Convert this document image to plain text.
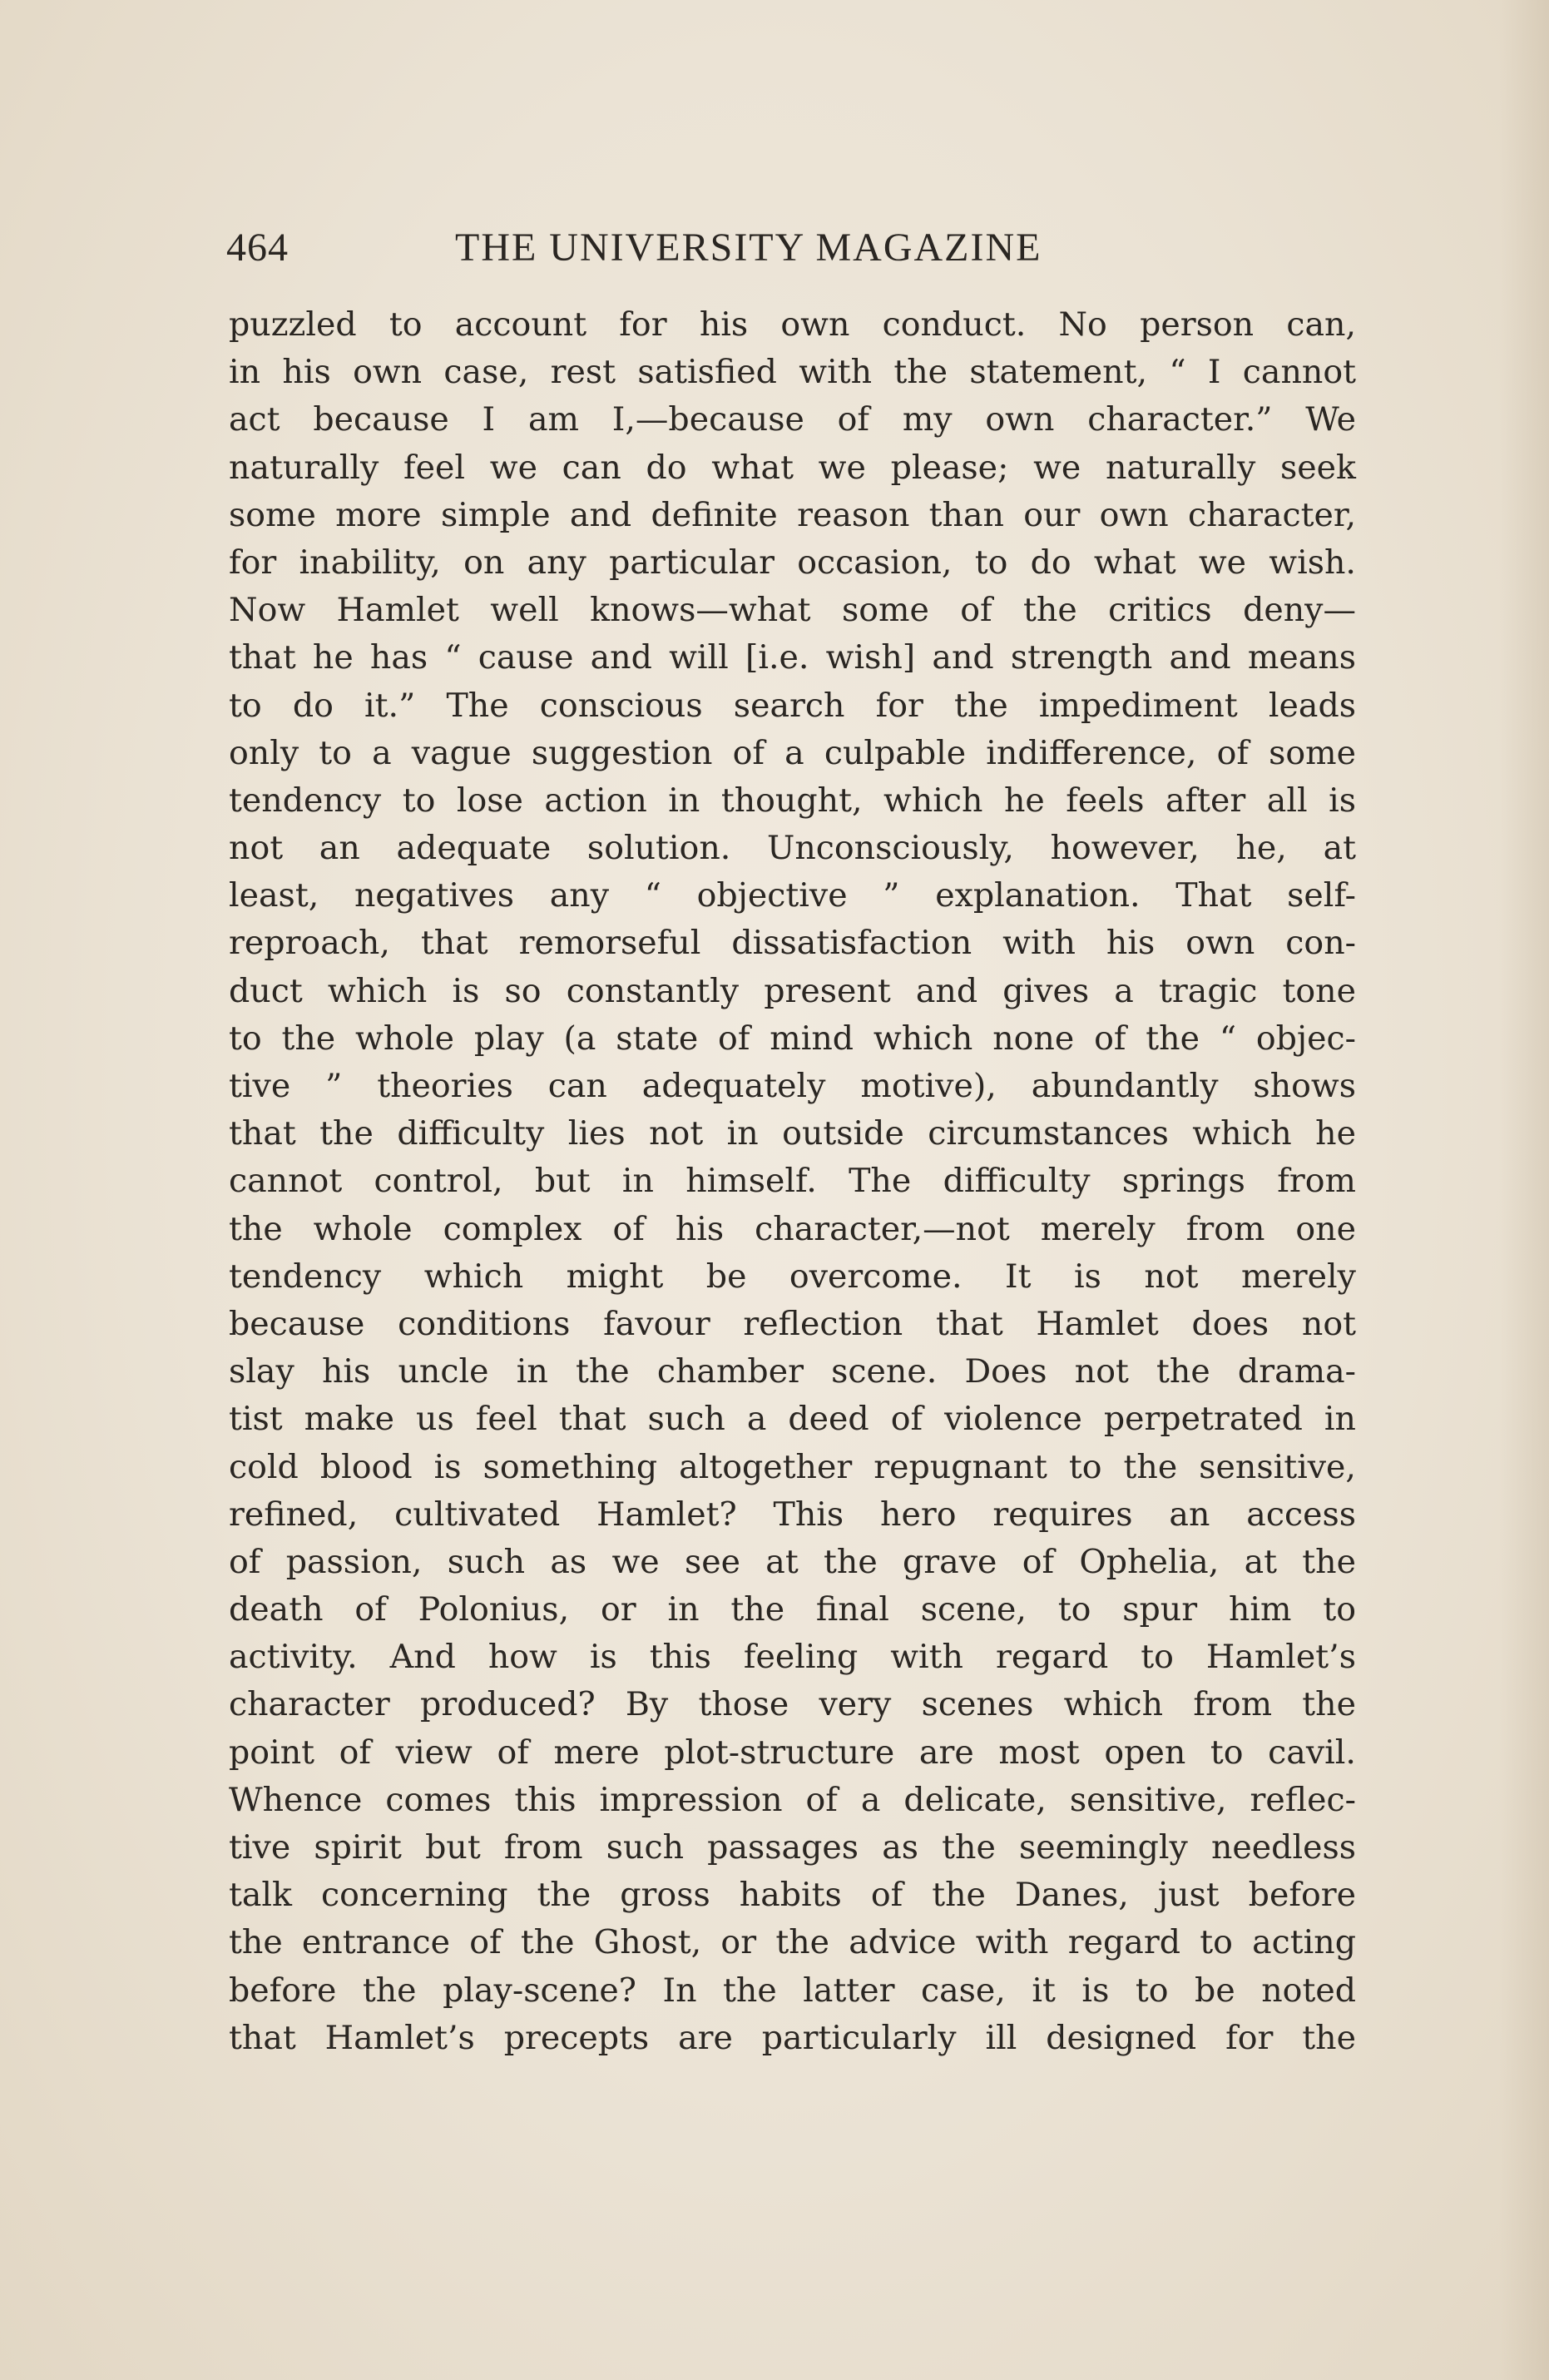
464	THE UNIVERSITY MAGAZINE
puzzled to account for his own conduct. No person can,
in his own case, rest satisfied with the statement, “ I cannot
act because I am I,—because of my own character.” We
naturally feel we can do what we please; we naturally seek
some more simple and definite reason than our own character,
for inability, on any particular occasion, to do what we wish.
Now Hamlet well knows—what some of the critics deny—
that he has “ cause and will [i.e. wish] and strength and means
to do it.” The conscious search for the impediment leads
only to a vague suggestion of a culpable indifference, of some
tendency to lose action in thought, which he feels after all is
not an adequate solution. Unconsciously, however, he, at
least, negatives any “ objective ” explanation. That self-
reproach, that remorseful dissatisfaction with his own con-
duct which is so constantly present and gives a tragic tone
to the whole play (a state of mind which none of the “ objec-
tive ” theories can adequately motive), abundantly shows
that the difficulty lies not in outside circumstances which he
cannot control, but in himself. The difficulty springs from
the whole complex of his character,—not merely from one
tendency which might be overcome. It is not merely
because conditions favour reflection that Hamlet does not
slay his uncle in the chamber scene. Does not the drama-
tist make us feel that such a deed of violence perpetrated in
cold blood is something altogether repugnant to the sensitive,
refined, cultivated Hamlet? This hero requires an access
of passion, such as we see at the grave of Ophelia, at the
death of Polonius, or in the final scene, to spur him to
activity. And how is this feeling with regard to Hamlet’s
character produced? By those very scenes which from the
point of view of mere plot-structure are most open to cavil.
Whence comes this impression of a delicate, sensitive, reflec-
tive spirit but from such passages as the seemingly needless
talk concerning the gross habits of the Danes, just before
the entrance of the Ghost, or the advice with regard to acting
before the play-scene? In the latter case, it is to be noted
that Hamlet’s precepts are particularly ill designed for the
